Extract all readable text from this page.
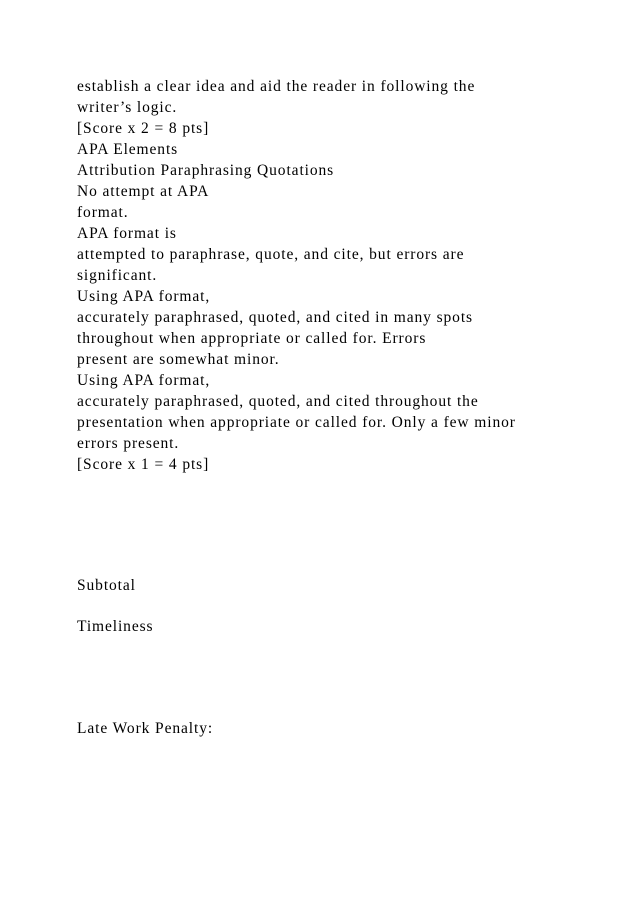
establish a clear idea and aid the reader in following the
writer’s logic.
[Score x 2 = 8 pts]
APA Elements
Attribution Paraphrasing Quotations
No attempt at APA
format.
APA format is
attempted to paraphrase, quote, and cite, but errors are
significant.
Using APA format,
accurately paraphrased, quoted, and cited in many spots
throughout when appropriate or called for. Errors
present are somewhat minor.
Using APA format,
accurately paraphrased, quoted, and cited throughout the
presentation when appropriate or called for. Only a few minor
errors present.
[Score x 1 = 4 pts]
Subtotal
Timeliness
Late Work Penalty:
